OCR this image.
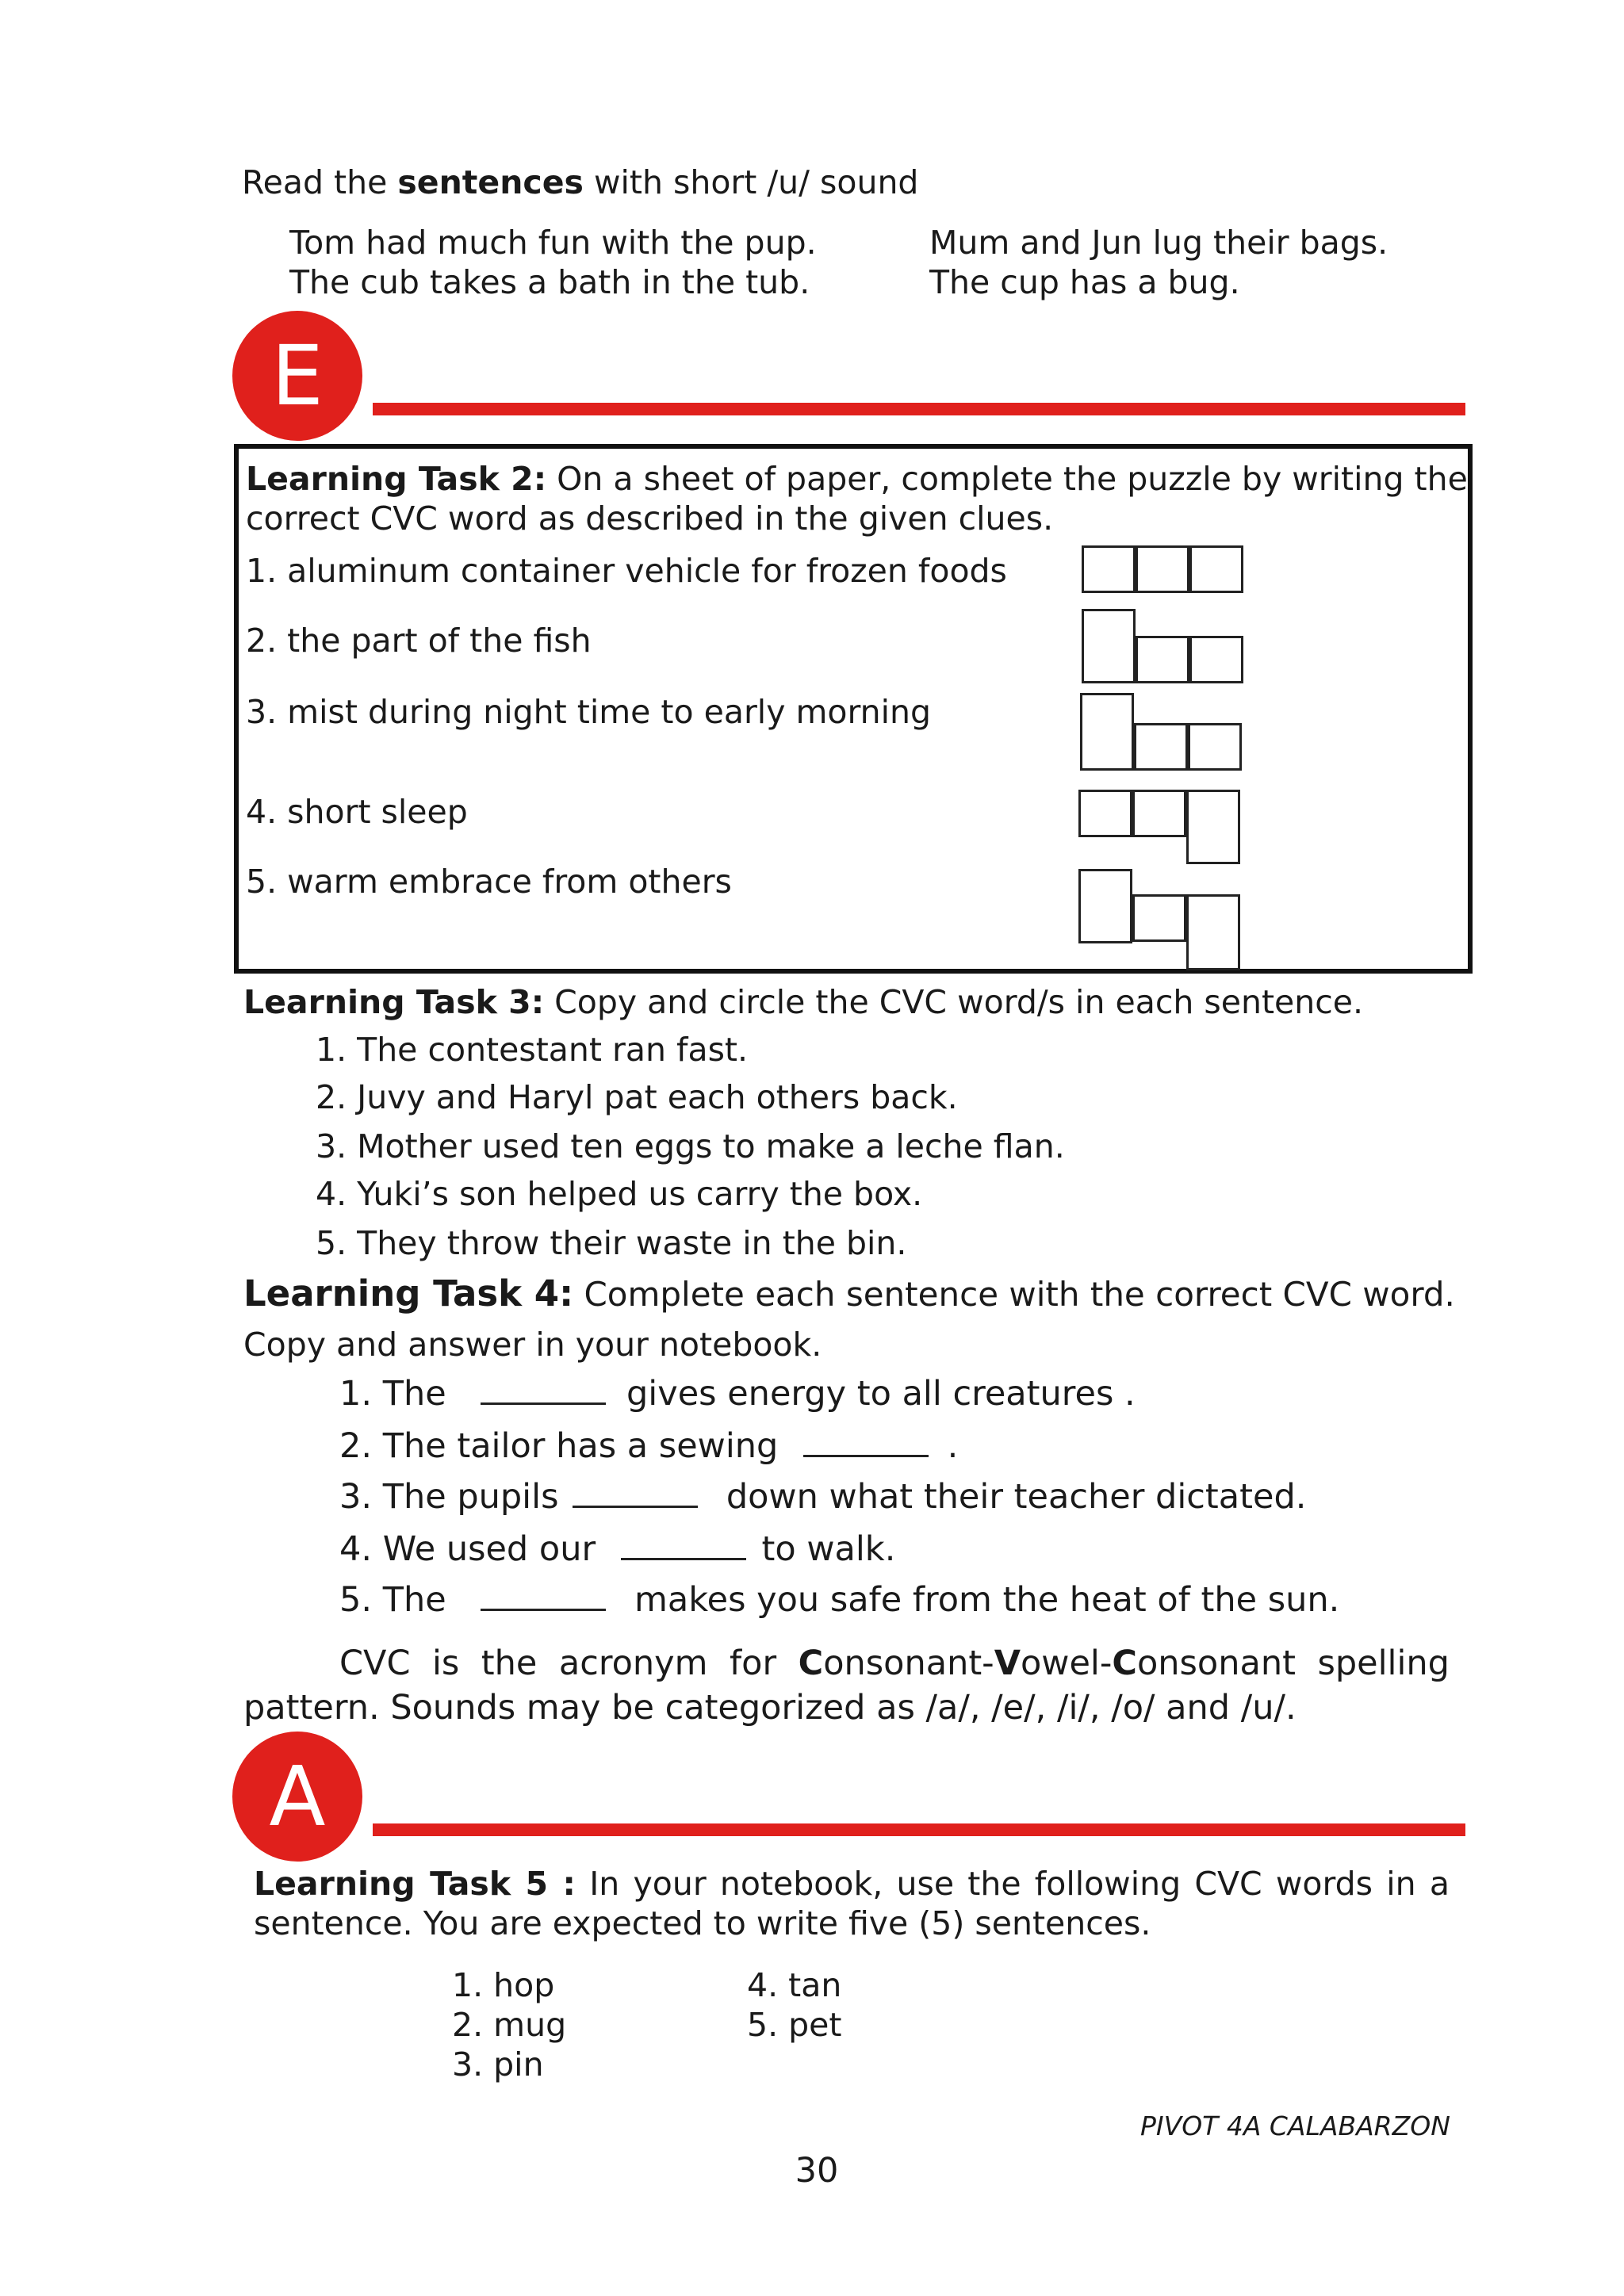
Read the sentences with short /u/ sound
Tom had much fun with the pup.
The cub takes a bath in the tub.
Mum and Jun lug their bags.
The cup has a bug.
E
Learning Task 2: On a sheet of paper, complete the puzzle by writing the
correct CVC word as described in the given clues.
1. aluminum container vehicle for frozen foods
2. the part of the fish
3. mist during night time to early morning
4. short sleep
5. warm embrace from others
Learning Task 3: Copy and circle the CVC word/s in each sentence.
1. The contestant ran fast.
2. Juvy and Haryl pat each others back.
3. Mother used ten eggs to make a leche flan.
4. Yuki’s son helped us carry the box.
5. They throw their waste in the bin.
Learning Task 4: Complete each sentence with the correct CVC word.
Copy and answer in your notebook.
1. The	gives energy to all creatures .
2. The tailor has a sewing	.
3. The pupils	down what their teacher dictated.
4. We used our	to walk.
5. The	makes you safe from the heat of the sun.
CVC is the acronym for Consonant-Vowel-Consonant spelling
pattern. Sounds may be categorized as /a/, /e/, /i/, /o/ and /u/.
A
Learning Task 5 : In your notebook, use the following CVC words in a
sentence. You are expected to write five (5) sentences.
1. hop
2. mug
3. pin
4. tan
5. pet
PIVOT 4A CALABARZON
30
